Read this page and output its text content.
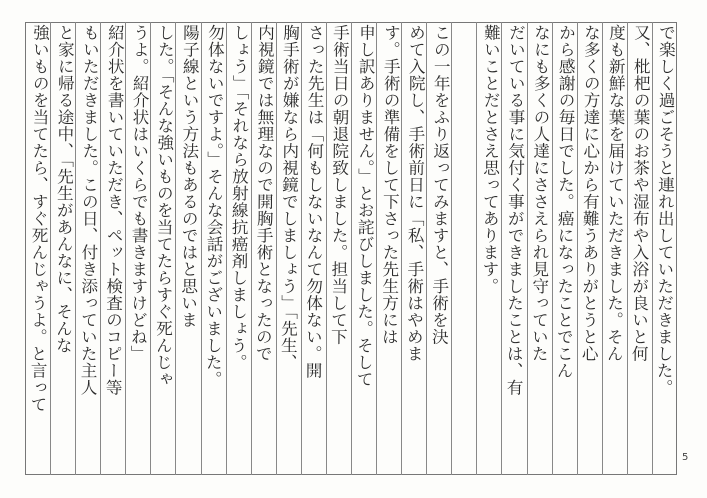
で楽しく過ごそうと連れ出していただきました。
又、枇杷の葉のお茶や湿布や入浴が良いと何
度も新鮮な葉を届けていただきました。そん
な多くの方達に心から有難うありがとうと心
から感謝の毎日でした。癌になったことでこん
なにも多くの人達にささえられ見守っていた
だいている事に気付く事ができましたことは、有
難いことだとさえ思ってあります。
この一年をふり返ってみますと、手術を決
めて入院し、手術前日に「私、手術はやめま
す。手術の準備をして下さった先生方には
申し訳ありません。」とお詫びしました。そして
手術当日の朝退院致しました。担当して下
さった先生は「何もしないなんて勿体ない。開
胸手術が嫌なら内視鏡でしましょう」「先生、
内視鏡では無理なので開胸手術となったので
しょう」「それなら放射線抗癌剤しましょう。
勿体ないですよ。」そんな会話がございました。
陽子線という方法もあるのではと思いま
した。「そんな強いものを当てたらすぐ死んじゃ
うよ。紹介状はいくらでも書きますけどね」
紹介状を書いていただき、ペット検査のコピー等
もいただきました。この日、付き添っていた主人
と家に帰る途中、「先生があんなに、そんな
強いものを当てたら、すぐ死んじゃうよ。と言って
5
